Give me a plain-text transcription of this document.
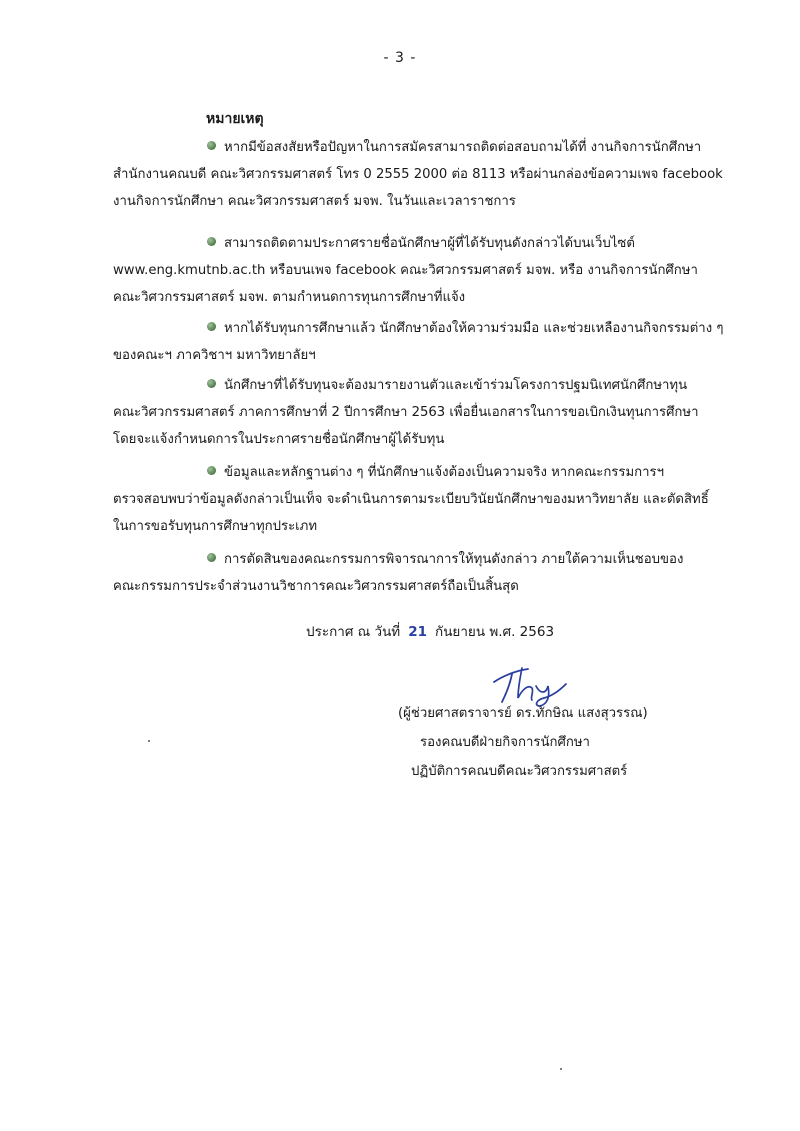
- 3 -
หมายเหตุ
หากมีข้อสงสัยหรือปัญหาในการสมัครสามารถติดต่อสอบถามได้ที่ งานกิจการนักศึกษา
สำนักงานคณบดี คณะวิศวกรรมศาสตร์ โทร 0 2555 2000 ต่อ 8113 หรือผ่านกล่องข้อความเพจ facebook
งานกิจการนักศึกษา คณะวิศวกรรมศาสตร์ มจพ. ในวันและเวลาราชการ
สามารถติดตามประกาศรายชื่อนักศึกษาผู้ที่ได้รับทุนดังกล่าวได้บนเว็บไซต์
www.eng.kmutnb.ac.th หรือบนเพจ facebook คณะวิศวกรรมศาสตร์ มจพ. หรือ งานกิจการนักศึกษา
คณะวิศวกรรมศาสตร์ มจพ. ตามกำหนดการทุนการศึกษาที่แจ้ง
หากได้รับทุนการศึกษาแล้ว นักศึกษาต้องให้ความร่วมมือ และช่วยเหลืองานกิจกรรมต่าง ๆ
ของคณะฯ ภาควิชาฯ มหาวิทยาลัยฯ
นักศึกษาที่ได้รับทุนจะต้องมารายงานตัวและเข้าร่วมโครงการปฐมนิเทศนักศึกษาทุน
คณะวิศวกรรมศาสตร์ ภาคการศึกษาที่ 2 ปีการศึกษา 2563 เพื่อยื่นเอกสารในการขอเบิกเงินทุนการศึกษา
โดยจะแจ้งกำหนดการในประกาศรายชื่อนักศึกษาผู้ได้รับทุน
ข้อมูลและหลักฐานต่าง ๆ ที่นักศึกษาแจ้งต้องเป็นความจริง หากคณะกรรมการฯ
ตรวจสอบพบว่าข้อมูลดังกล่าวเป็นเท็จ จะดำเนินการตามระเบียบวินัยนักศึกษาของมหาวิทยาลัย และตัดสิทธิ์
ในการขอรับทุนการศึกษาทุกประเภท
การตัดสินของคณะกรรมการพิจารณาการให้ทุนดังกล่าว ภายใต้ความเห็นชอบของ
คณะกรรมการประจำส่วนงานวิชาการคณะวิศวกรรมศาสตร์ถือเป็นสิ้นสุด
ประกาศ ณ วันที่ 21 กันยายน พ.ศ. 2563
(ผู้ช่วยศาสตราจารย์ ดร.ทักษิณ แสงสุวรรณ)
รองคณบดีฝ่ายกิจการนักศึกษา
ปฏิบัติการคณบดีคณะวิศวกรรมศาสตร์
